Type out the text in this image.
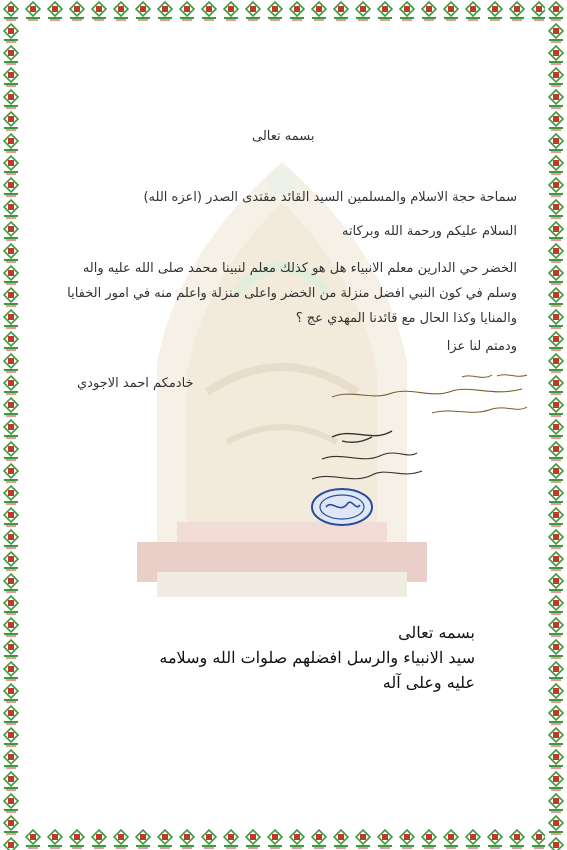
بسمه تعالى
سماحة حجة الاسلام والمسلمين السيد القائد مقتدى الصدر (اعزه الله)
السلام عليكم ورحمة الله وبركاته
الخضر حي الدارين معلم الانبياء هل هو كذلك معلم لنبينا محمد صلى الله عليه واله وسلم في كون النبي افضل منزلة من الخضر واعلى منزلة واعلم منه في امور الخفايا والمنايا وكذا الحال مع قائدنا المهدي عج ؟
ودمتم لنا عزا
خادمكم احمد الاجودي
بسمه تعالى
سيد الانبياء والرسل افضلهم صلوات الله وسلامه
عليه وعلى آله
